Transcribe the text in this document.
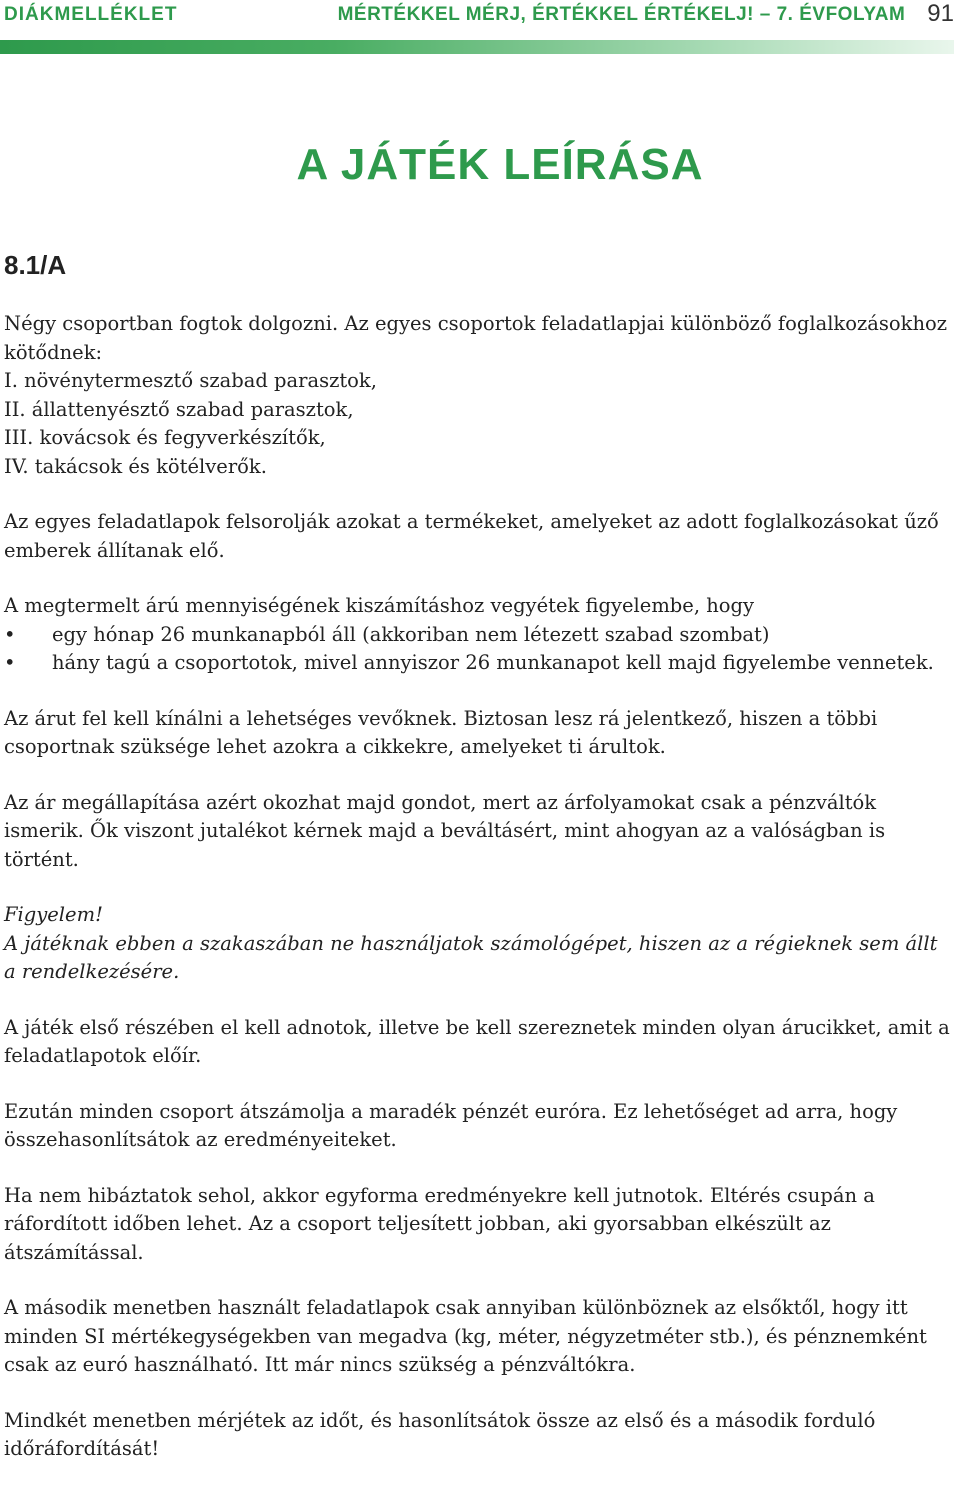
DIÁKMELLÉKLET	MÉRTÉKKEL MÉRJ, ÉRTÉKKEL ÉRTÉKELJ! – 7. ÉVFOLYAM 91
A JÁTÉK LEÍRÁSA
8.1/A

Négy csoportban fogtok dolgozni. Az egyes csoportok feladatlapjai különböző foglalkozásokhoz kötődnek:

I. növénytermesztő szabad parasztok,
II. állattenyésztő szabad parasztok,
III. kovácsok és fegyverkészítők,
IV. takácsok és kötélverők.

Az egyes feladatlapok felsorolják azokat a termékeket, amelyeket az adott foglalkozásokat űző emberek állítanak elő.

A megtermelt árú mennyiségének kiszámításhoz vegyétek figyelembe, hogy

• egy hónap 26 munkanapból áll (akkoriban nem létezett szabad szombat)
• hány tagú a csoportotok, mivel annyiszor 26 munkanapot kell majd figyelembe vennetek.

Az árut fel kell kínálni a lehetséges vevőknek. Biztosan lesz rá jelentkező, hiszen a többi csoportnak szüksége lehet azokra a cikkekre, amelyeket ti árultok.

Az ár megállapítása azért okozhat majd gondot, mert az árfolyamokat csak a pénzváltók ismerik. Ők viszont jutalékot kérnek majd a beváltásért, mint ahogyan az a valóságban is történt.

Figyelem!

A játéknak ebben a szakaszában ne használjatok számológépet, hiszen az a régieknek sem állt a rendelkezésére.

A játék első részében el kell adnotok, illetve be kell szereznetek minden olyan árucikket, amit a feladatlapotok előír.

Ezután minden csoport átszámolja a maradék pénzét euróra. Ez lehetőséget ad arra, hogy összehasonlítsátok az eredményeiteket.

Ha nem hibáztatok sehol, akkor egyforma eredményekre kell jutnotok. Eltérés csupán a ráfordított időben lehet. Az a csoport teljesített jobban, aki gyorsabban elkészült az átszámítással.

A második menetben használt feladatlapok csak annyiban különböznek az elsőktől, hogy itt minden SI mértékegységekben van megadva (kg, méter, négyzetméter stb.), és pénznemként csak az euró használható. Itt már nincs szükség a pénzváltókra.

Mindkét menetben mérjétek az időt, és hasonlítsátok össze az első és a második forduló időráfordítását!
